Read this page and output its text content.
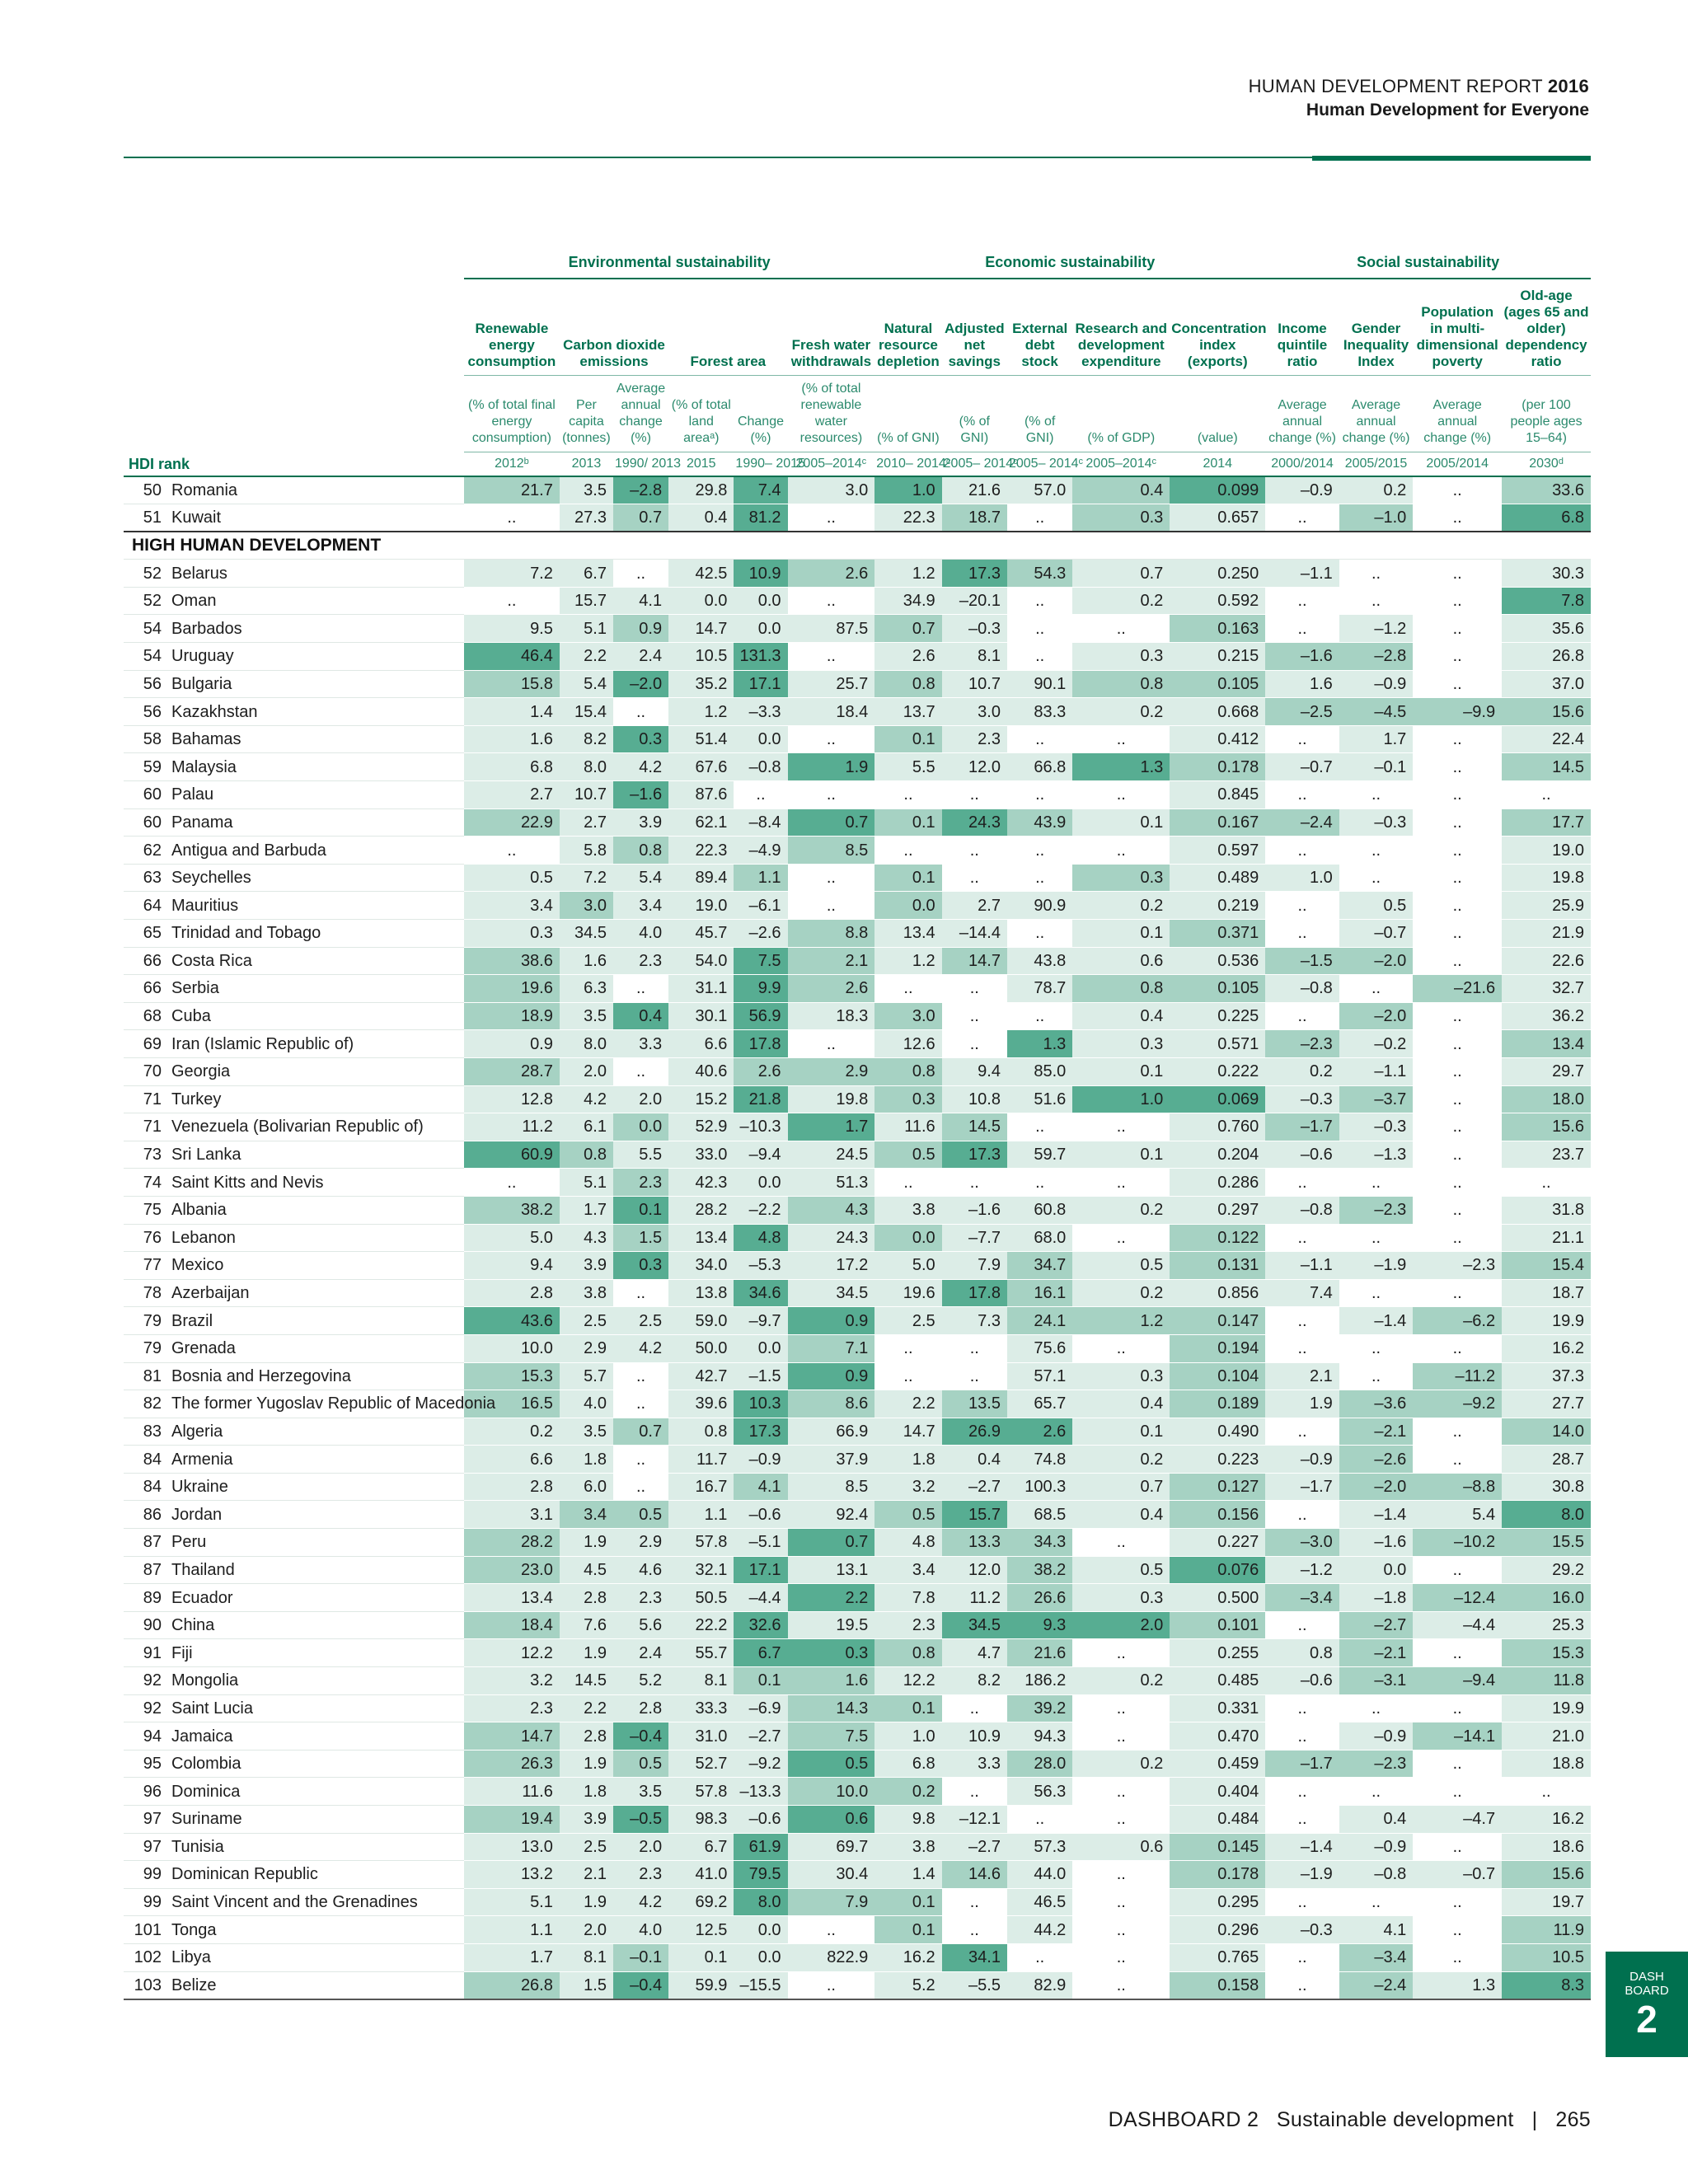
HUMAN DEVELOPMENT REPORT 2016
Human Development for Everyone
	Environmental sustainability						Economic sustainability					Social sustainability			
	Renewable energy consumption	Carbon dioxide emissions		Forest area		Fresh water withdrawals	Natural resource depletion	Adjusted net savings	External debt stock	Research and development expenditure	Concentration index (exports)	Income quintile ratio	Gender Inequality Index	Population in multi-dimensional poverty	Old-age (ages 65 and older) dependency ratio
	(% of total final energy consumption)	Per capita (tonnes)	Average annual change (%)	(% of total land areaᵃ)	Change (%)	(% of total renewable water resources)	(% of GNI)	(% of GNI)	(% of GNI)	(% of GDP)	(value)	Average annual change (%)	Average annual change (%)	Average annual change (%)	(per 100 people ages 15–64)
HDI rank	2012ᵇ	2013	1990/ 2013	2015	1990– 2015	2005–2014ᶜ	2010– 2014ᶜ	2005– 2014ᶜ	2005– 2014ᶜ	2005–2014ᶜ	2014	2000/2014	2005/2015	2005/2014	2030ᵈ
50 Romania	21.7	3.5	–2.8	29.8	7.4	3.0	1.0	21.6	57.0	0.4	0.099	–0.9	0.2	..	33.6
51 Kuwait	..	27.3	0.7	0.4	81.2	..	22.3	18.7	..	0.3	0.657	..	–1.0	..	6.8
HIGH HUMAN DEVELOPMENT															
52 Belarus	7.2	6.7	..	42.5	10.9	2.6	1.2	17.3	54.3	0.7	0.250	–1.1	..	..	30.3
52 Oman	..	15.7	4.1	0.0	0.0	..	34.9	–20.1	..	0.2	0.592	..	..	..	7.8
54 Barbados	9.5	5.1	0.9	14.7	0.0	87.5	0.7	–0.3	..	..	0.163	..	–1.2	..	35.6
54 Uruguay	46.4	2.2	2.4	10.5	131.3	..	2.6	8.1	..	0.3	0.215	–1.6	–2.8	..	26.8
56 Bulgaria	15.8	5.4	–2.0	35.2	17.1	25.7	0.8	10.7	90.1	0.8	0.105	1.6	–0.9	..	37.0
56 Kazakhstan	1.4	15.4	..	1.2	–3.3	18.4	13.7	3.0	83.3	0.2	0.668	–2.5	–4.5	–9.9	15.6
58 Bahamas	1.6	8.2	0.3	51.4	0.0	..	0.1	2.3	..	..	0.412	..	1.7	..	22.4
59 Malaysia	6.8	8.0	4.2	67.6	–0.8	1.9	5.5	12.0	66.8	1.3	0.178	–0.7	–0.1	..	14.5
60 Palau	2.7	10.7	–1.6	87.6	..	..	..	..	..	..	0.845	..	..	..	..
60 Panama	22.9	2.7	3.9	62.1	–8.4	0.7	0.1	24.3	43.9	0.1	0.167	–2.4	–0.3	..	17.7
62 Antigua and Barbuda	..	5.8	0.8	22.3	–4.9	8.5	..	..	..	..	0.597	..	..	..	19.0
63 Seychelles	0.5	7.2	5.4	89.4	1.1	..	0.1	..	..	0.3	0.489	1.0	..	..	19.8
64 Mauritius	3.4	3.0	3.4	19.0	–6.1	..	0.0	2.7	90.9	0.2	0.219	..	0.5	..	25.9
65 Trinidad and Tobago	0.3	34.5	4.0	45.7	–2.6	8.8	13.4	–14.4	..	0.1	0.371	..	–0.7	..	21.9
66 Costa Rica	38.6	1.6	2.3	54.0	7.5	2.1	1.2	14.7	43.8	0.6	0.536	–1.5	–2.0	..	22.6
66 Serbia	19.6	6.3	..	31.1	9.9	2.6	..	..	78.7	0.8	0.105	–0.8	..	–21.6	32.7
68 Cuba	18.9	3.5	0.4	30.1	56.9	18.3	3.0	..	..	0.4	0.225	..	–2.0	..	36.2
69 Iran (Islamic Republic of)	0.9	8.0	3.3	6.6	17.8	..	12.6	..	1.3	0.3	0.571	–2.3	–0.2	..	13.4
70 Georgia	28.7	2.0	..	40.6	2.6	2.9	0.8	9.4	85.0	0.1	0.222	0.2	–1.1	..	29.7
71 Turkey	12.8	4.2	2.0	15.2	21.8	19.8	0.3	10.8	51.6	1.0	0.069	–0.3	–3.7	..	18.0
71 Venezuela (Bolivarian Republic of)	11.2	6.1	0.0	52.9	–10.3	1.7	11.6	14.5	..	..	0.760	–1.7	–0.3	..	15.6
73 Sri Lanka	60.9	0.8	5.5	33.0	–9.4	24.5	0.5	17.3	59.7	0.1	0.204	–0.6	–1.3	..	23.7
74 Saint Kitts and Nevis	..	5.1	2.3	42.3	0.0	51.3	..	..	..	..	0.286	..	..	..	..
75 Albania	38.2	1.7	0.1	28.2	–2.2	4.3	3.8	–1.6	60.8	0.2	0.297	–0.8	–2.3	..	31.8
76 Lebanon	5.0	4.3	1.5	13.4	4.8	24.3	0.0	–7.7	68.0	..	0.122	..	..	..	21.1
77 Mexico	9.4	3.9	0.3	34.0	–5.3	17.2	5.0	7.9	34.7	0.5	0.131	–1.1	–1.9	–2.3	15.4
78 Azerbaijan	2.8	3.8	..	13.8	34.6	34.5	19.6	17.8	16.1	0.2	0.856	7.4	..	..	18.7
79 Brazil	43.6	2.5	2.5	59.0	–9.7	0.9	2.5	7.3	24.1	1.2	0.147	..	–1.4	–6.2	19.9
79 Grenada	10.0	2.9	4.2	50.0	0.0	7.1	..	..	75.6	..	0.194	..	..	..	16.2
81 Bosnia and Herzegovina	15.3	5.7	..	42.7	–1.5	0.9	..	..	57.1	0.3	0.104	2.1	..	–11.2	37.3
82 The former Yugoslav Republic of Macedonia	16.5	4.0	..	39.6	10.3	8.6	2.2	13.5	65.7	0.4	0.189	1.9	–3.6	–9.2	27.7
83 Algeria	0.2	3.5	0.7	0.8	17.3	66.9	14.7	26.9	2.6	0.1	0.490	..	–2.1	..	14.0
84 Armenia	6.6	1.8	..	11.7	–0.9	37.9	1.8	0.4	74.8	0.2	0.223	–0.9	–2.6	..	28.7
84 Ukraine	2.8	6.0	..	16.7	4.1	8.5	3.2	–2.7	100.3	0.7	0.127	–1.7	–2.0	–8.8	30.8
86 Jordan	3.1	3.4	0.5	1.1	–0.6	92.4	0.5	15.7	68.5	0.4	0.156	..	–1.4	5.4	8.0
87 Peru	28.2	1.9	2.9	57.8	–5.1	0.7	4.8	13.3	34.3	..	0.227	–3.0	–1.6	–10.2	15.5
87 Thailand	23.0	4.5	4.6	32.1	17.1	13.1	3.4	12.0	38.2	0.5	0.076	–1.2	0.0	..	29.2
89 Ecuador	13.4	2.8	2.3	50.5	–4.4	2.2	7.8	11.2	26.6	0.3	0.500	–3.4	–1.8	–12.4	16.0
90 China	18.4	7.6	5.6	22.2	32.6	19.5	2.3	34.5	9.3	2.0	0.101	..	–2.7	–4.4	25.3
91 Fiji	12.2	1.9	2.4	55.7	6.7	0.3	0.8	4.7	21.6	..	0.255	0.8	–2.1	..	15.3
92 Mongolia	3.2	14.5	5.2	8.1	0.1	1.6	12.2	8.2	186.2	0.2	0.485	–0.6	–3.1	–9.4	11.8
92 Saint Lucia	2.3	2.2	2.8	33.3	–6.9	14.3	0.1	..	39.2	..	0.331	..	..	..	19.9
94 Jamaica	14.7	2.8	–0.4	31.0	–2.7	7.5	1.0	10.9	94.3	..	0.470	..	–0.9	–14.1	21.0
95 Colombia	26.3	1.9	0.5	52.7	–9.2	0.5	6.8	3.3	28.0	0.2	0.459	–1.7	–2.3	..	18.8
96 Dominica	11.6	1.8	3.5	57.8	–13.3	10.0	0.2	..	56.3	..	0.404	..	..	..	..
97 Suriname	19.4	3.9	–0.5	98.3	–0.6	0.6	9.8	–12.1	..	..	0.484	..	0.4	–4.7	16.2
97 Tunisia	13.0	2.5	2.0	6.7	61.9	69.7	3.8	–2.7	57.3	0.6	0.145	–1.4	–0.9	..	18.6
99 Dominican Republic	13.2	2.1	2.3	41.0	79.5	30.4	1.4	14.6	44.0	..	0.178	–1.9	–0.8	–0.7	15.6
99 Saint Vincent and the Grenadines	5.1	1.9	4.2	69.2	8.0	7.9	0.1	..	46.5	..	0.295	..	..	..	19.7
101 Tonga	1.1	2.0	4.0	12.5	0.0	..	0.1	..	44.2	..	0.296	–0.3	4.1	..	11.9
102 Libya	1.7	8.1	–0.1	0.1	0.0	822.9	16.2	34.1	..	..	0.765	..	–3.4	..	10.5
103 Belize	26.8	1.5	–0.4	59.9	–15.5	..	5.2	–5.5	82.9	..	0.158	..	–2.4	1.3	8.3	DASH
BOARD
2
DASHBOARD 2   Sustainable development | 265
